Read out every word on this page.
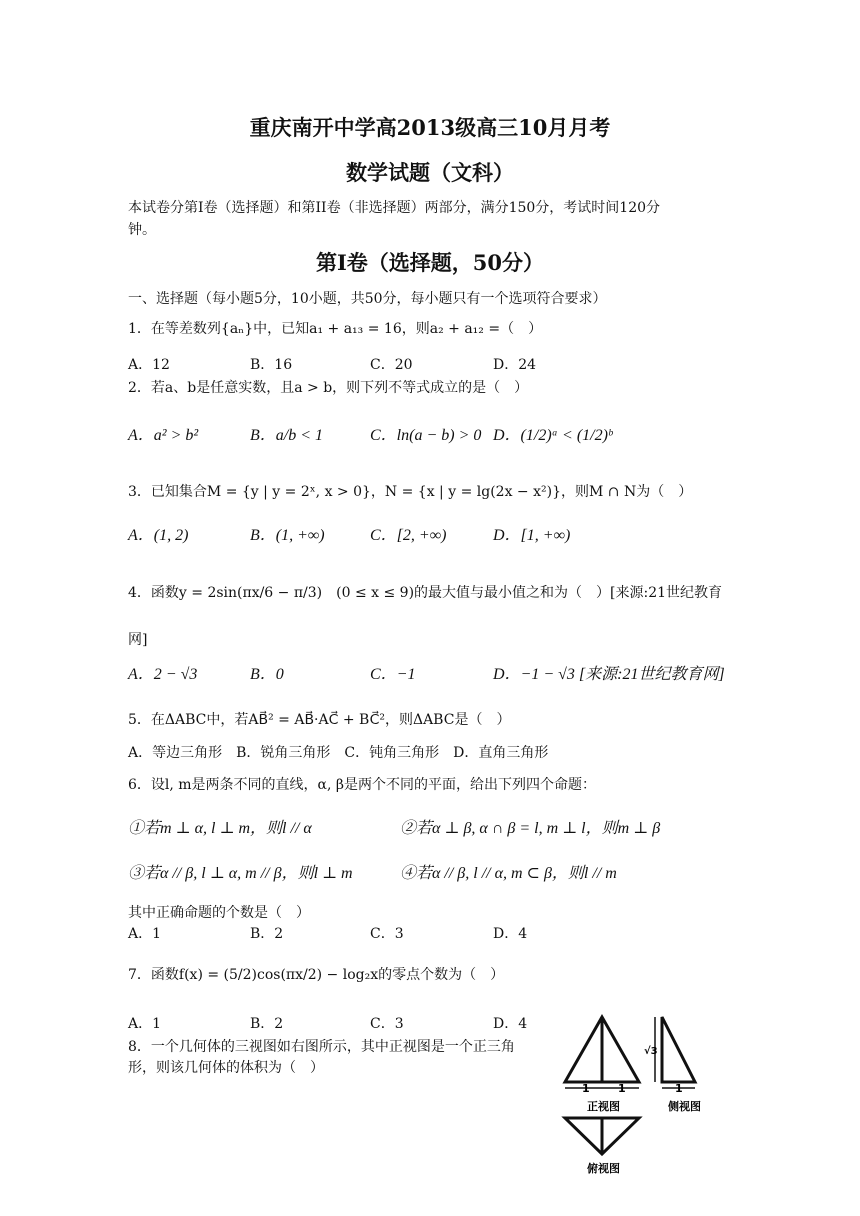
重庆南开中学高2013级高三10月月考
数学试题（文科）
本试卷分第I卷（选择题）和第II卷（非选择题）两部分，满分150分，考试时间120分
钟。
第I卷（选择题，50分）
一、选择题（每小题5分，10小题，共50分，每小题只有一个选项符合要求）
1．在等差数列{aₙ}中，已知a₁ + a₁₃ = 16，则a₂ + a₁₂ =（　）
A．12	B．16	C．20	D．24
2．若a、b是任意实数，且a > b，则下列不等式成立的是（　）
A．a² > b²	B．a/b < 1	C．ln(a − b) > 0 D．(1/2)ᵃ < (1/2)ᵇ
3．已知集合M = {y | y = 2ˣ, x > 0}，N = {x | y = lg(2x − x²)}，则M ∩ N为（　）
A．(1, 2)	B．(1, +∞)	C．[2, +∞)	D．[1, +∞)
4．函数y = 2sin(πx/6 − π/3)　(0 ≤ x ≤ 9)的最大值与最小值之和为（　）[来源:21世纪教育
网]
A．2 − √3	B．0	C．−1	D．−1 − √3 [来源:21世纪教育网]
5．在ΔABC中，若AB⃗² = AB⃗·AC⃗ + BC⃗²，则ΔABC是（　）
A．等边三角形　B．锐角三角形　C．钝角三角形　D．直角三角形
6．设l, m是两条不同的直线，α, β是两个不同的平面，给出下列四个命题：
①若m ⊥ α, l ⊥ m，则l // α	②若α ⊥ β, α ∩ β = l, m ⊥ l，则m ⊥ β
③若α // β, l ⊥ α, m // β，则l ⊥ m	④若α // β, l // α, m ⊂ β，则l // m
其中正确命题的个数是（　）
A．1	B．2	C．3	D．4
7．函数f(x) = (5/2)cos(πx/2) − log₂x的零点个数为（　）
A．1	B．2	C．3	D．4
8．一个几何体的三视图如右图所示，其中正视图是一个正三角
形，则该几何体的体积为（　）
1	1
√3
1
正视图	侧视图
俯视图
